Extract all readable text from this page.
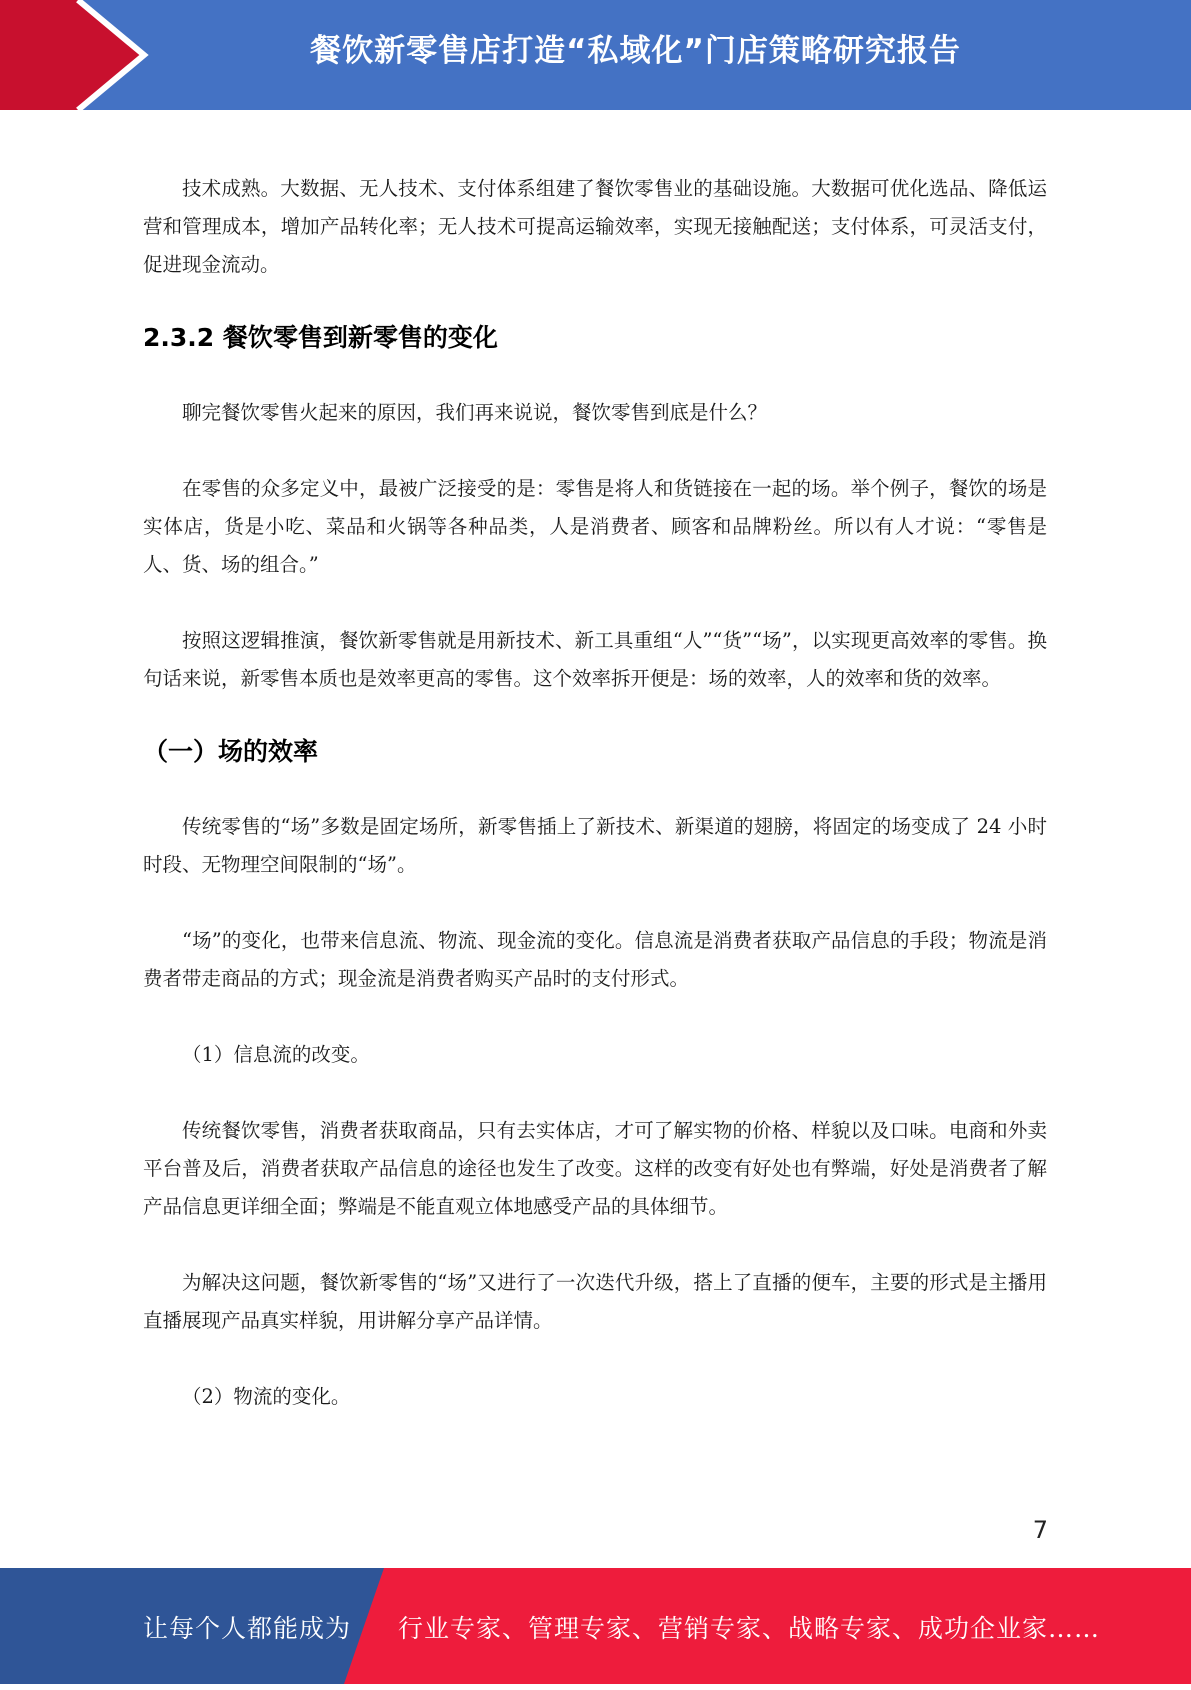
餐饮新零售店打造“私域化”门店策略研究报告

技术成熟。大数据、无人技术、支付体系组建了餐饮零售业的基础设施。大数据可优化选品、降低运营和管理成本，增加产品转化率；无人技术可提高运输效率，实现无接触配送；支付体系，可灵活支付，促进现金流动。

2.3.2 餐饮零售到新零售的变化

聊完餐饮零售火起来的原因，我们再来说说，餐饮零售到底是什么？

在零售的众多定义中，最被广泛接受的是：零售是将人和货链接在一起的场。举个例子，餐饮的场是实体店，货是小吃、菜品和火锅等各种品类，人是消费者、顾客和品牌粉丝。所以有人才说：“零售是人、货、场的组合。”

按照这逻辑推演，餐饮新零售就是用新技术、新工具重组“人”“货”“场”，以实现更高效率的零售。换句话来说，新零售本质也是效率更高的零售。这个效率拆开便是：场的效率，人的效率和货的效率。

（一）场的效率

传统零售的“场”多数是固定场所，新零售插上了新技术、新渠道的翅膀，将固定的场变成了 24 小时时段、无物理空间限制的“场”。

“场”的变化，也带来信息流、物流、现金流的变化。信息流是消费者获取产品信息的手段；物流是消费者带走商品的方式；现金流是消费者购买产品时的支付形式。

（1）信息流的改变。

传统餐饮零售，消费者获取商品，只有去实体店，才可了解实物的价格、样貌以及口味。电商和外卖平台普及后，消费者获取产品信息的途径也发生了改变。这样的改变有好处也有弊端，好处是消费者了解产品信息更详细全面；弊端是不能直观立体地感受产品的具体细节。

为解决这问题，餐饮新零售的“场”又进行了一次迭代升级，搭上了直播的便车，主要的形式是主播用直播展现产品真实样貌，用讲解分享产品详情。

（2）物流的变化。

7
让每个人都能成为 行业专家、管理专家、营销专家、战略专家、成功企业家……
